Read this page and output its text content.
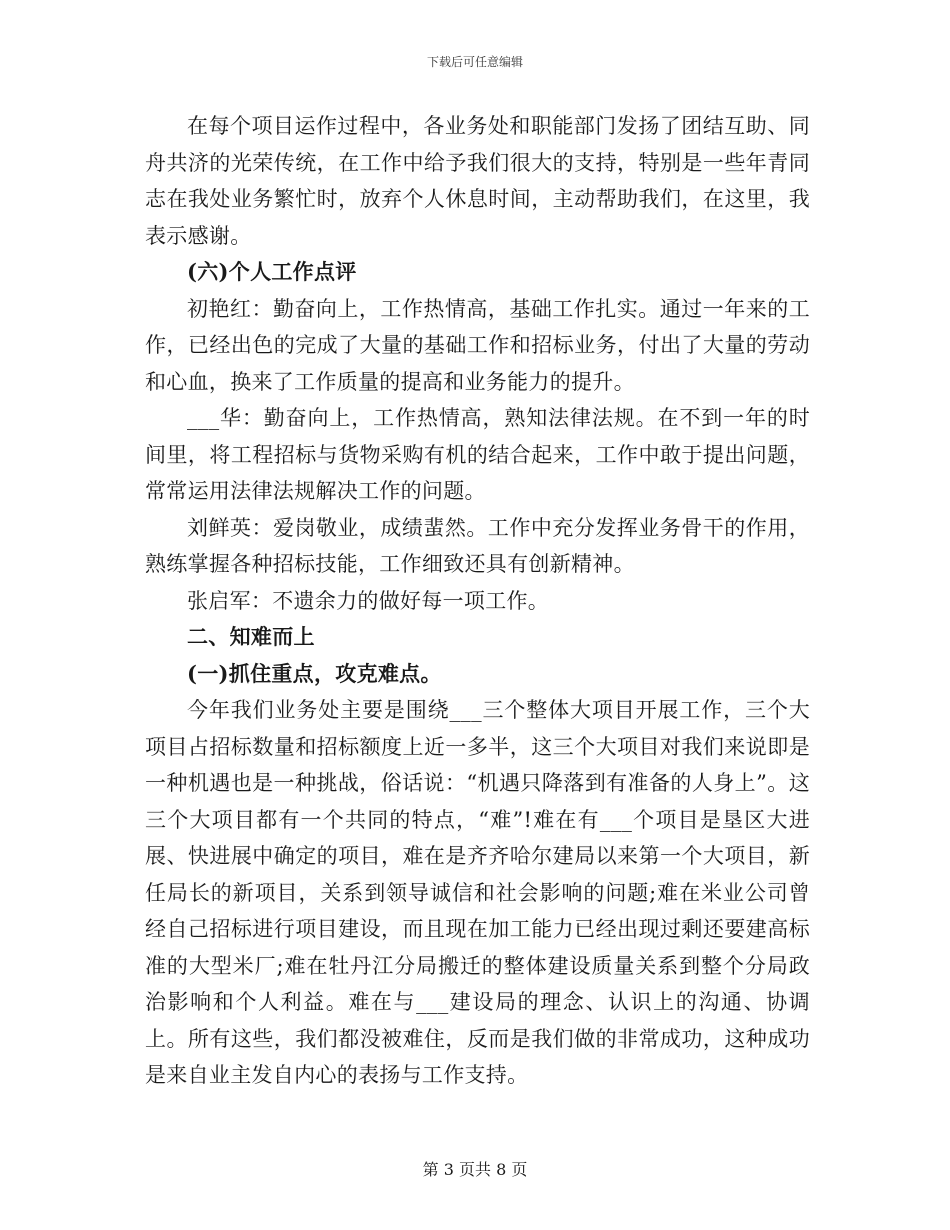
下载后可任意编辑

在每个项目运作过程中，各业务处和职能部门发扬了团结互助、同舟共济的光荣传统，在工作中给予我们很大的支持，特别是一些年青同志在我处业务繁忙时，放弃个人休息时间，主动帮助我们，在这里，我表示感谢。

(六)个人工作点评

初艳红：勤奋向上，工作热情高，基础工作扎实。通过一年来的工作，已经出色的完成了大量的基础工作和招标业务，付出了大量的劳动和心血，换来了工作质量的提高和业务能力的提升。

___华：勤奋向上，工作热情高，熟知法律法规。在不到一年的时间里，将工程招标与货物采购有机的结合起来，工作中敢于提出问题，常常运用法律法规解决工作的问题。

刘鲜英：爱岗敬业，成绩蜚然。工作中充分发挥业务骨干的作用，熟练掌握各种招标技能，工作细致还具有创新精神。

张启军：不遗余力的做好每一项工作。

二、知难而上

(一)抓住重点，攻克难点。

今年我们业务处主要是围绕___三个整体大项目开展工作，三个大项目占招标数量和招标额度上近一多半，这三个大项目对我们来说即是一种机遇也是一种挑战，俗话说：“机遇只降落到有准备的人身上”。这三个大项目都有一个共同的特点，“难”!难在有___个项目是垦区大进展、快进展中确定的项目，难在是齐齐哈尔建局以来第一个大项目，新任局长的新项目，关系到领导诚信和社会影响的问题;难在米业公司曾经自己招标进行项目建设，而且现在加工能力已经出现过剩还要建高标准的大型米厂;难在牡丹江分局搬迁的整体建设质量关系到整个分局政治影响和个人利益。难在与___建设局的理念、认识上的沟通、协调上。所有这些，我们都没被难住，反而是我们做的非常成功，这种成功是来自业主发自内心的表扬与工作支持。

第 3 页共 8 页
